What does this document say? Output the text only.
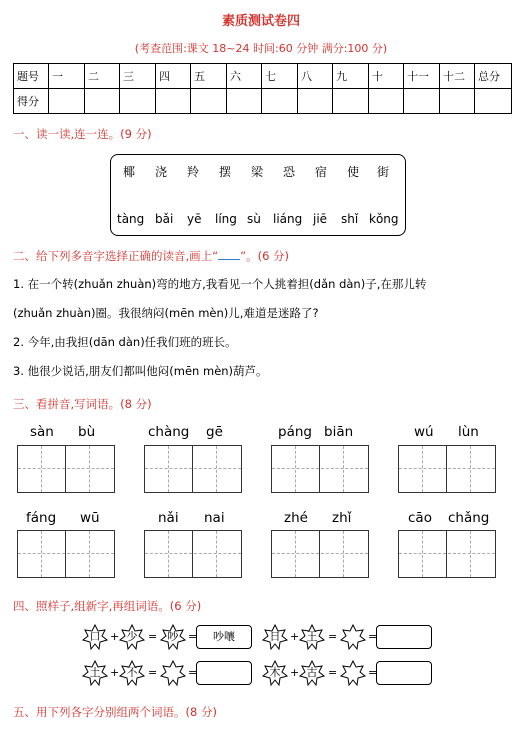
素质测试卷四
(考查范围:课文 18~24 时间:60 分钟 满分:100 分)
题号	一	二	三	四	五	六	七	八	九	十	十一	十二	总分
得分													
一、读一读,连一连。(9 分)
椰 浇 羚 摆 梁 恐 宿 使 街
tàng bǎi yē líng sù liáng jiē shǐ kǒng
二、给下列多音字选择正确的读音,画上“ ”。(6 分)
1. 在一个转(zhuǎn zhuàn)弯的地方,我看见一个人挑着担(dǎn dàn)子,在那儿转
(zhuǎn zhuàn)圈。我很纳闷(mēn mèn)儿,难道是迷路了?
2. 今年,由我担(dān dàn)任我们班的班长。
3. 他很少说话,朋友们都叫他闷(mēn mèn)葫芦。
三、看拼音,写词语。(8 分)
sàn bù	chàng gē	páng biān	wú lùn
fáng wū	nǎi nai	zhé zhǐ	cāo chǎng
四、照样子,组新字,再组词语。(6 分)
口 + 少 = 吵 =	吵嚷	日 + 王 =	=
土 + 不 =	=	木 + 古 =	=
五、用下列各字分别组两个词语。(8 分)
